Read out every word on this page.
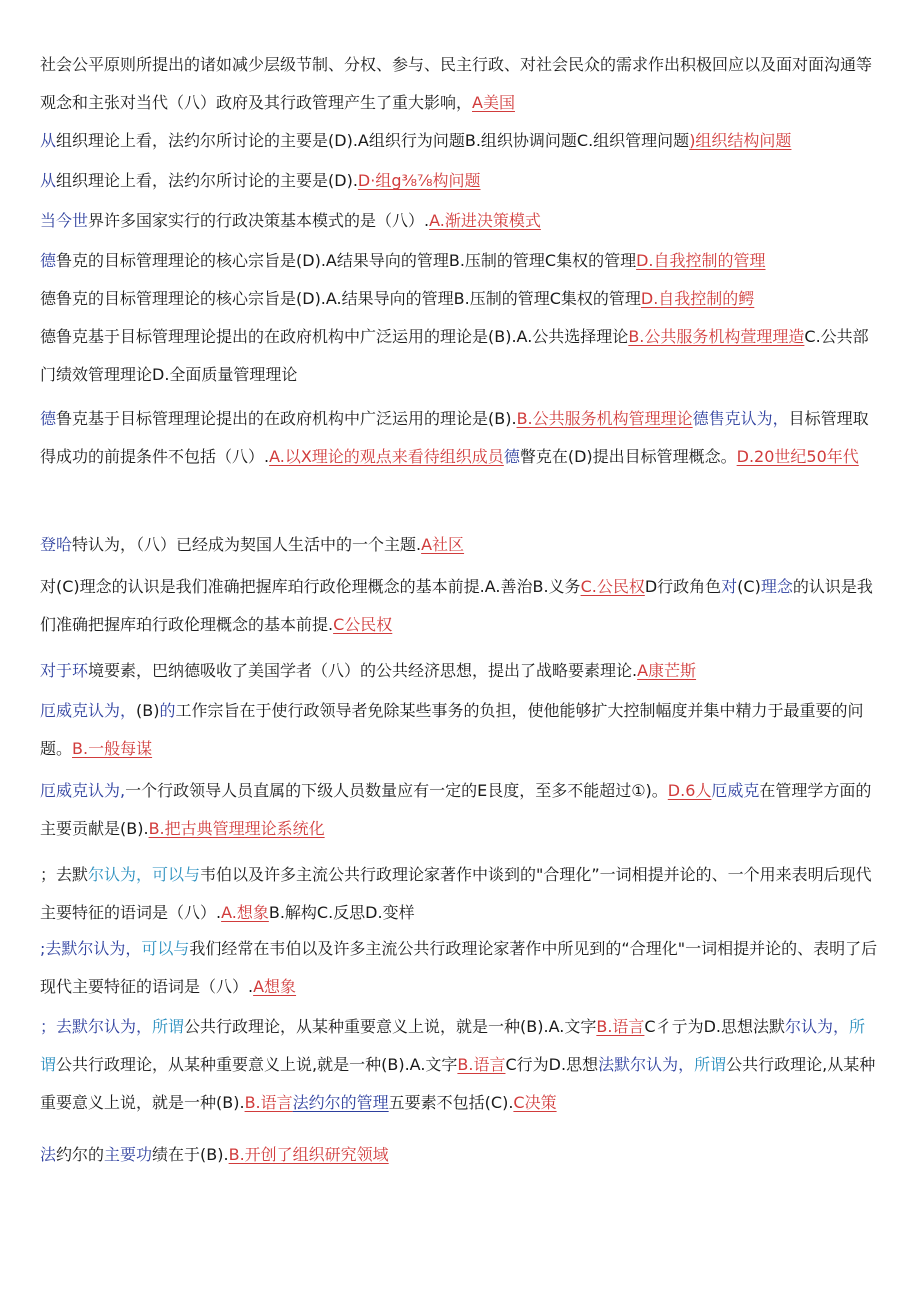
社会公平原则所提出的诸如减少层级节制、分权、参与、民主行政、对社会民众的需求作出积极回应以及面对面沟通等观念和主张对当代（八）政府及其行政管理产生了重大影响，A美国

从组织理论上看，法约尔所讨论的主要是(D).A组织行为问题B.组织协调问题C.组织管理问题)组织结构问题

从组织理论上看，法约尔所讨论的主要是(D).D·组g⅜⅞构问题

当今世界许多国家实行的行政决策基本模式的是（八）.A.渐进决策模式

德鲁克的目标管理理论的核心宗旨是(D).A结果导向的管理B.压制的管理C集权的管理D.自我控制的管理

德鲁克的目标管理理论的核心宗旨是(D).A.结果导向的管理B.压制的管理C集权的管理D.自我控制的鳄

德鲁克基于目标管理理论提出的在政府机构中广泛运用的理论是(B).A.公共选择理论B.公共服务机构萱理理造C.公共部门绩效管理理论D.全面质量管理理论

德鲁克基于目标管理理论提出的在政府机构中广泛运用的理论是(B).B.公共服务机构管理理论德售克认为，目标管理取得成功的前提条件不包括（八）.A.以X理论的观点来看待组织成员德瞥克在(D)提出目标管理概念。D.20世纪50年代

登哈特认为，（八）已经成为契国人生活中的一个主题.A社区

对(C)理念的认识是我们准确把握库珀行政伦理概念的基本前提.A.善治B.义务C.公民权D行政角色对(C)理念的认识是我们准确把握库珀行政伦理概念的基本前提.C公民权

对于环境要素，巴纳德吸收了美国学者（八）的公共经济思想，提出了战略要素理论.A康芒斯

厄威克认为，(B)的工作宗旨在于使行政领导者免除某些事务的负担，使他能够扩大控制幅度并集中精力于最重要的问题。B.一般每谋

厄威克认为,一个行政领导人员直属的下级人员数量应有一定的E艮度，至多不能超过①)。D.6人厄威克在管理学方面的主要贡献是(B).B.把古典管理理论系统化

；去默尔认为，可以与韦伯以及许多主流公共行政理论家著作中谈到的"合理化”一词相提并论的、一个用来表明后现代主要特征的语词是（八）.A.想象B.解构C.反思D.变样

;去默尔认为，可以与我们经常在韦伯以及许多主流公共行政理论家著作中所见到的“合理化"一词相提并论的、表明了后现代主要特征的语词是（八）.A想象

；去默尔认为，所谓公共行政理论，从某种重要意义上说，就是一种(B).A.文字B.语言C彳亍为D.思想法默尔认为，所谓公共行政理论，从某种重要意义上说,就是一种(B).A.文字B.语言C行为D.思想法默尔认为，所谓公共行政理论,从某种重要意义上说，就是一种(B).B.语言法约尔的管理五要素不包括(C).C决策

法约尔的主要功绩在于(B).B.开创了组织研究领域
